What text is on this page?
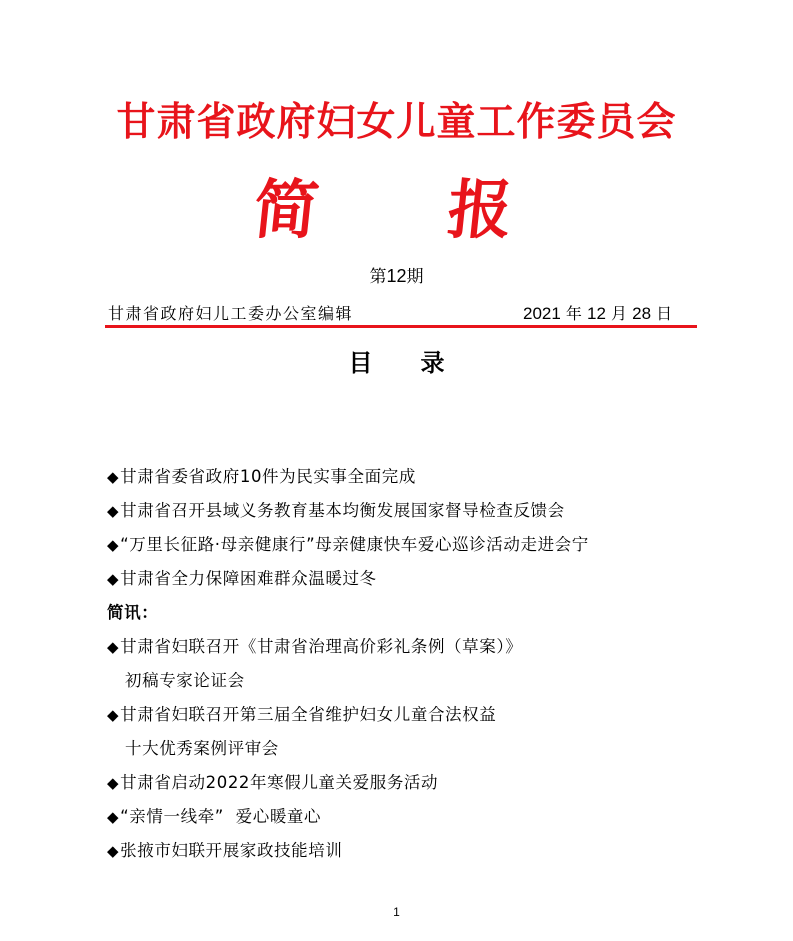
甘肃省政府妇女儿童工作委员会
简 报
第12期
甘肃省政府妇儿工委办公室编辑	2021 年 12 月 28 日
目 录
◆甘肃省委省政府10件为民实事全面完成
◆甘肃省召开县域义务教育基本均衡发展国家督导检查反馈会
◆“万里长征路·母亲健康行”母亲健康快车爱心巡诊活动走进会宁
◆甘肃省全力保障困难群众温暖过冬
简讯：
◆甘肃省妇联召开《甘肃省治理高价彩礼条例（草案）》
初稿专家论证会
◆甘肃省妇联召开第三届全省维护妇女儿童合法权益
十大优秀案例评审会
◆甘肃省启动2022年寒假儿童关爱服务活动
◆“亲情一线牵”  爱心暖童心
◆张掖市妇联开展家政技能培训
1
